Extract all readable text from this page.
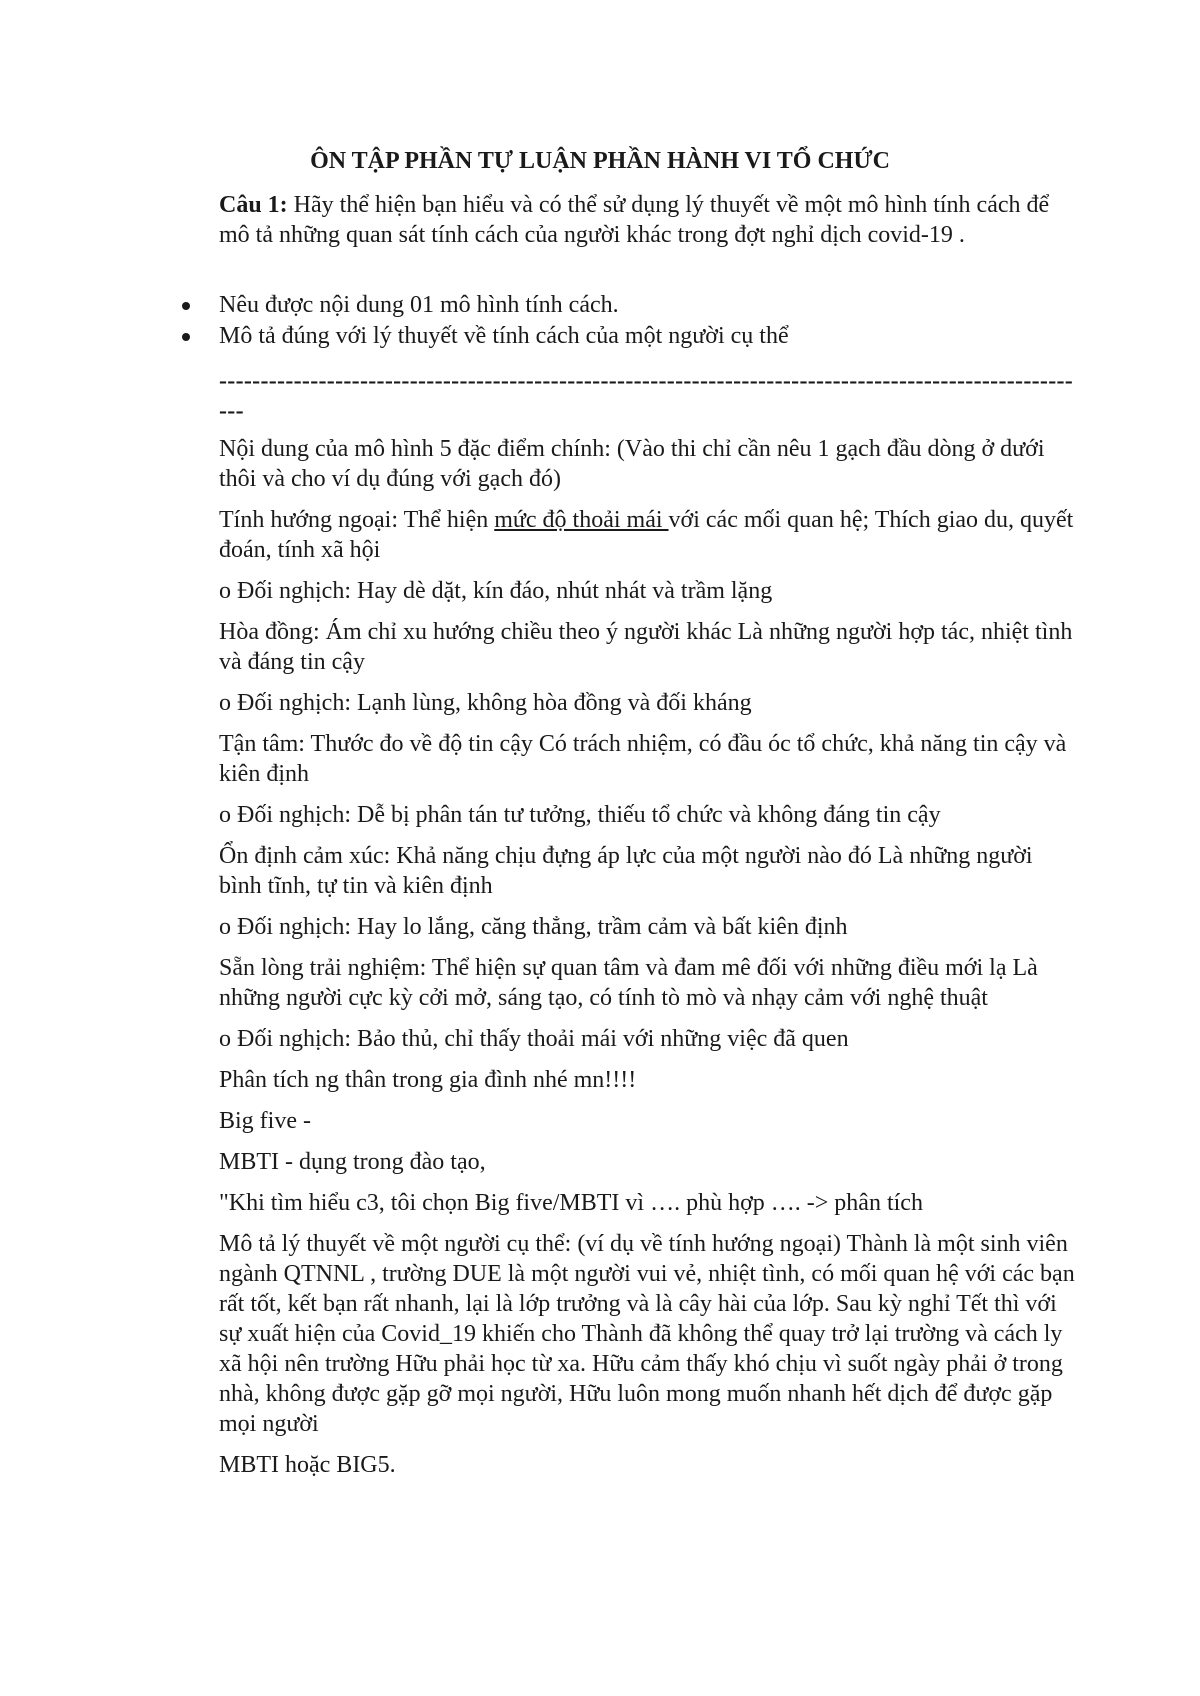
ÔN TẬP PHẦN TỰ LUẬN PHẦN HÀNH VI TỔ CHỨC
Câu 1: Hãy thể hiện bạn hiểu và có thể sử dụng lý thuyết về một mô hình tính cách để mô tả những quan sát tính cách của người khác trong đợt nghỉ dịch covid-19 .
Nêu được nội dung 01 mô hình tính cách.
Mô tả đúng với lý thuyết về tính cách của một người cụ thể
----------------------------------------------------------------------------------------------------------

Nội dung của mô hình 5 đặc điểm chính: (Vào thi chỉ cần nêu 1 gạch đầu dòng ở dưới thôi và cho ví dụ đúng với gạch đó)

Tính hướng ngoại: Thể hiện mức độ thoải mái với các mối quan hệ; Thích giao du, quyết đoán, tính xã hội

o Đối nghịch: Hay dè dặt, kín đáo, nhút nhát và trầm lặng

Hòa đồng: Ám chỉ xu hướng chiều theo ý người khác Là những người hợp tác, nhiệt tình và đáng tin cậy

o Đối nghịch: Lạnh lùng, không hòa đồng và đối kháng

Tận tâm: Thước đo về độ tin cậy Có trách nhiệm, có đầu óc tổ chức, khả năng tin cậy và kiên định

o Đối nghịch: Dễ bị phân tán tư tưởng, thiếu tổ chức và không đáng tin cậy

Ổn định cảm xúc: Khả năng chịu đựng áp lực của một người nào đó Là những người bình tĩnh, tự tin và kiên định

o Đối nghịch: Hay lo lắng, căng thẳng, trầm cảm và bất kiên định

Sẵn lòng trải nghiệm: Thể hiện sự quan tâm và đam mê đối với những điều mới lạ Là những người cực kỳ cởi mở, sáng tạo, có tính tò mò và nhạy cảm với nghệ thuật

o Đối nghịch: Bảo thủ, chỉ thấy thoải mái với những việc đã quen

Phân tích ng thân trong gia đình nhé mn!!!!

Big five -

MBTI - dụng trong đào tạo,

"Khi tìm hiểu c3, tôi chọn Big five/MBTI vì …. phù hợp …. -> phân tích

Mô tả lý thuyết về một người cụ thể: (ví dụ về tính hướng ngoại) Thành là một sinh viên ngành QTNNL , trường DUE là một người vui vẻ, nhiệt tình, có mối quan hệ với các bạn rất tốt, kết bạn rất nhanh, lại là lớp trưởng và là cây hài của lớp. Sau kỳ nghỉ Tết thì với sự xuất hiện của Covid_19 khiến cho Thành đã không thể quay trở lại trường và cách ly xã hội nên trường Hữu phải học từ xa. Hữu cảm thấy khó chịu vì suốt ngày phải ở trong nhà, không được gặp gỡ mọi người, Hữu luôn mong muốn nhanh hết dịch để được gặp mọi người

MBTI hoặc BIG5.
